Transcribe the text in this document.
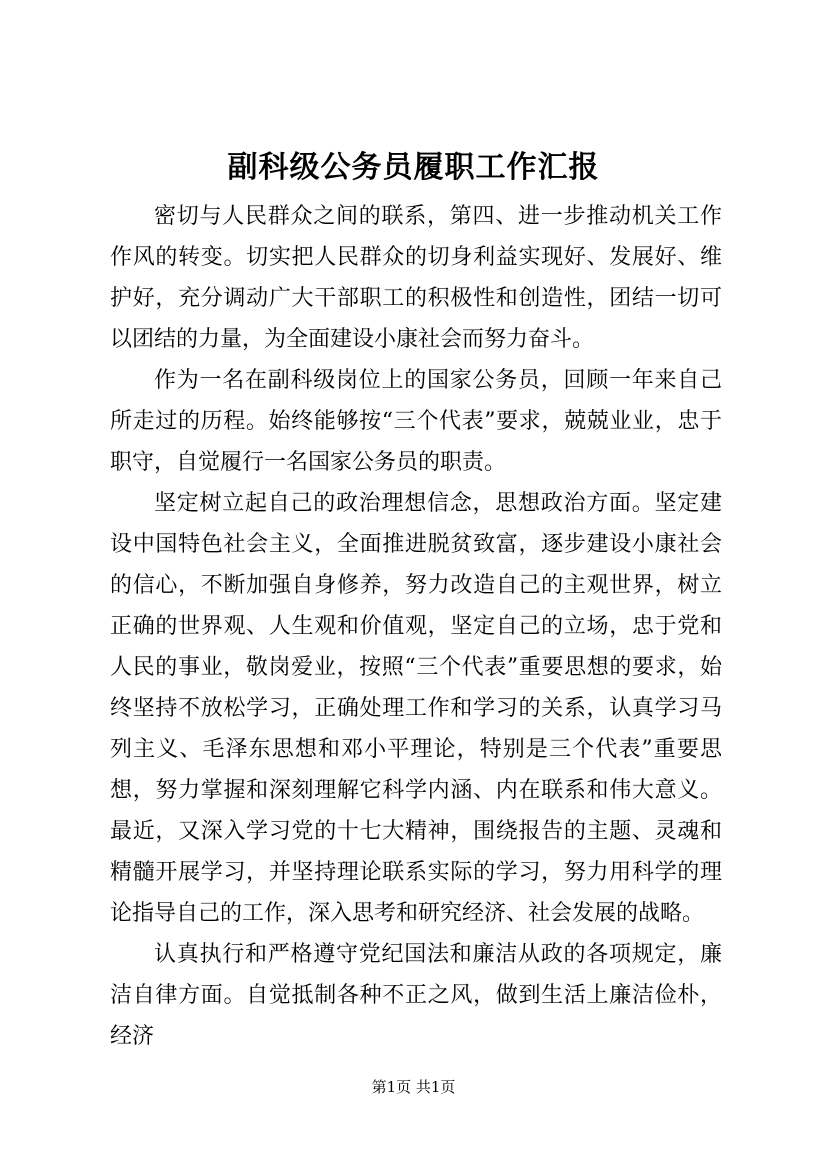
副科级公务员履职工作汇报

密切与人民群众之间的联系，第四、进一步推动机关工作作风的转变。切实把人民群众的切身利益实现好、发展好、维护好，充分调动广大干部职工的积极性和创造性，团结一切可以团结的力量，为全面建设小康社会而努力奋斗。

作为一名在副科级岗位上的国家公务员，回顾一年来自己所走过的历程。始终能够按“三个代表”要求，兢兢业业，忠于职守，自觉履行一名国家公务员的职责。

坚定树立起自己的政治理想信念，思想政治方面。坚定建设中国特色社会主义，全面推进脱贫致富，逐步建设小康社会的信心，不断加强自身修养，努力改造自己的主观世界，树立正确的世界观、人生观和价值观，坚定自己的立场，忠于党和人民的事业，敬岗爱业，按照“三个代表”重要思想的要求，始终坚持不放松学习，正确处理工作和学习的关系，认真学习马列主义、毛泽东思想和邓小平理论，特别是三个代表”重要思想，努力掌握和深刻理解它科学内涵、内在联系和伟大意义。最近，又深入学习党的十七大精神，围绕报告的主题、灵魂和精髓开展学习，并坚持理论联系实际的学习，努力用科学的理论指导自己的工作，深入思考和研究经济、社会发展的战略。

认真执行和严格遵守党纪国法和廉洁从政的各项规定，廉洁自律方面。自觉抵制各种不正之风，做到生活上廉洁俭朴，经济

第1页 共1页
